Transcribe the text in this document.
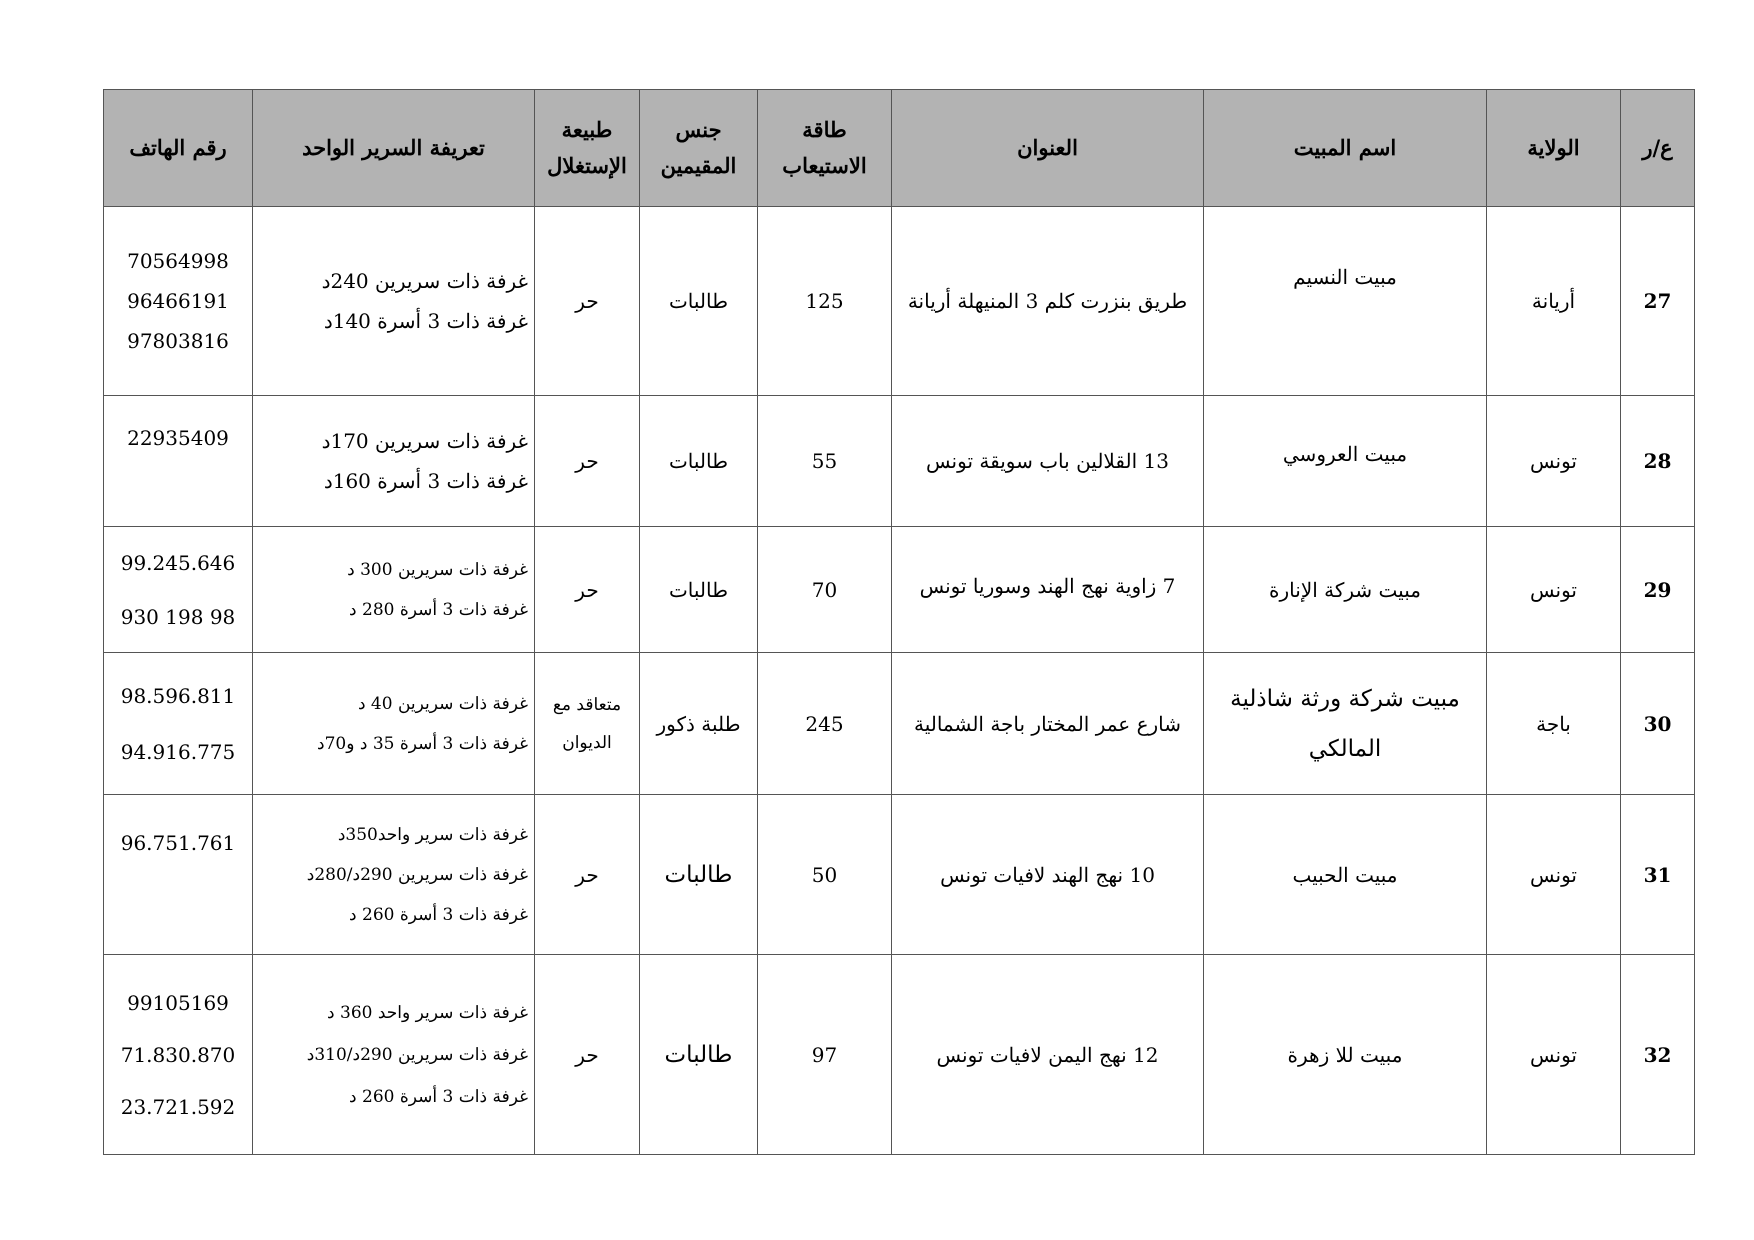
ع/ر	الولاية	اسم المبيت	العنوان	طاقة الاستيعاب	جنس المقيمين	طبيعة الإستغلال	تعريفة السرير الواحد	رقم الهاتف
27	أريانة	مبيت النسيم	طريق بنزرت كلم 3 المنيهلة أريانة	125	طالبات	حر	غرفة ذات سريرين 240د
غرفة ذات 3 أسرة 140د	70564998
96466191
97803816

28	تونس	مبيت العروسي	13 القلالين باب سويقة تونس	55	طالبات	حر	غرفة ذات سريرين 170د
غرفة ذات 3 أسرة 160د	22935409

29	تونس	مبيت شركة الإنارة	7 زاوية نهج الهند وسوريا تونس	70	طالبات	حر	غرفة ذات سريرين 300 د
غرفة ذات 3 أسرة 280 د	99.245.646
98 198 930

30	باجة	مبيت شركة ورثة شاذلية المالكي	شارع عمر المختار باجة الشمالية	245	طلبة ذكور	متعاقد مع الديوان	غرفة ذات سريرين 40 د
غرفة ذات 3 أسرة 35 د و70د	98.596.811
94.916.775

31	تونس	مبيت الحبيب	10 نهج الهند لافيات تونس	50	طالبات	حر	غرفة ذات سرير واحد350د
غرفة ذات سريرين 290د/280د
غرفة ذات 3 أسرة 260 د	96.751.761

32	تونس	مبيت للا زهرة	12 نهج اليمن لافيات تونس	97	طالبات	حر	غرفة ذات سرير واحد 360 د
غرفة ذات سريرين 290د/310د
غرفة ذات 3 أسرة 260 د	99105169
71.830.870
23.721.592
